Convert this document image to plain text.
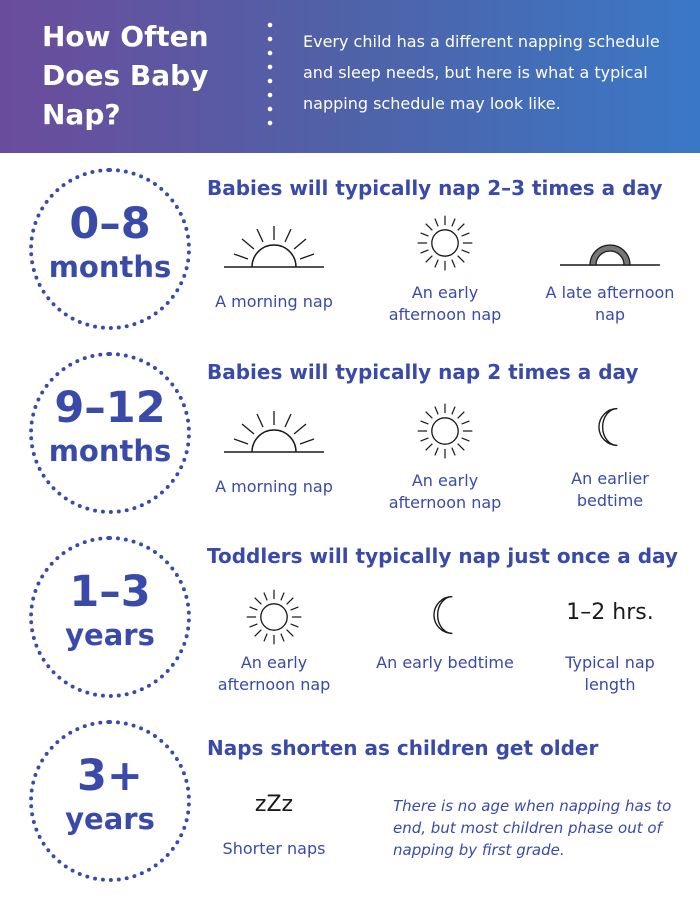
How Often Does Baby Nap?
Every child has a different napping schedule and sleep needs, but here is what a typical napping schedule may look like.
0–8
months
Babies will typically nap 2–3 times a day
A morning nap	An early afternoon nap
A late afternoon nap
9–12
months
Babies will typically nap 2 times a day
A morning nap	An early afternoon nap
An earlier bedtime
1–3
years
Toddlers will typically nap just once a day
An early afternoon nap
An early bedtime
1–2 hrs.
Typical nap length
3+
years
Naps shorten as children get older
zZz
Shorter naps
There is no age when napping has to end, but most children phase out of napping by first grade.
